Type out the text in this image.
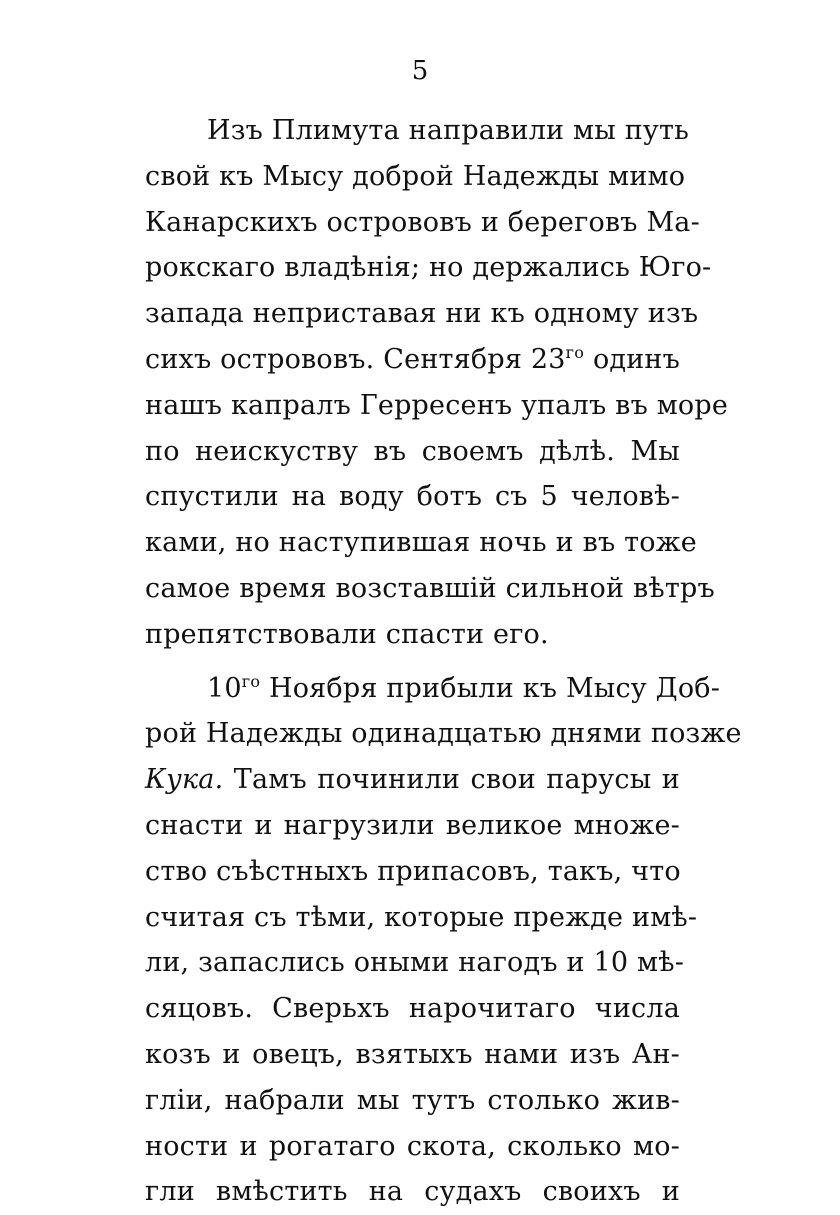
5
Изъ Плимута направили мы путь
свой къ Мысу доброй Надежды мимо
Канарскихъ острововъ и береговъ Ма-
рокскаго владѣнія; но держались Юго-
запада неприставая ни къ одному изъ
сихъ острововъ. Сентября $23^{го}$ одинъ
нашъ капралъ Герресенъ упалъ въ море
по неискуству въ своемъ дѣлѣ. Мы
спустили на воду ботъ съ 5 человѣ-
ками, но наступившая ночь и въ тоже
самое время возставшій сильной вѣтръ
препятствовали спасти его.
$10^{го}$ Ноября прибыли къ Мысу Доб-
рой Надежды одинадцатью днями позже
Кука. Тамъ починили свои парусы и
снасти и нагрузили великое множе-
ство съѣстныхъ припасовъ, такъ, что
считая съ тѣми, которые прежде имѣ-
ли, запаслись оными нагодъ и 10 мѣ-
сяцовъ. Сверьхъ нарочитаго числа
козъ и овецъ, взятыхъ нами изъ Ан-
гліи, набрали мы тутъ столько жив-
ности и рогатаго скота, сколько мо-
гли вмѣстить на судахъ своихъ и
